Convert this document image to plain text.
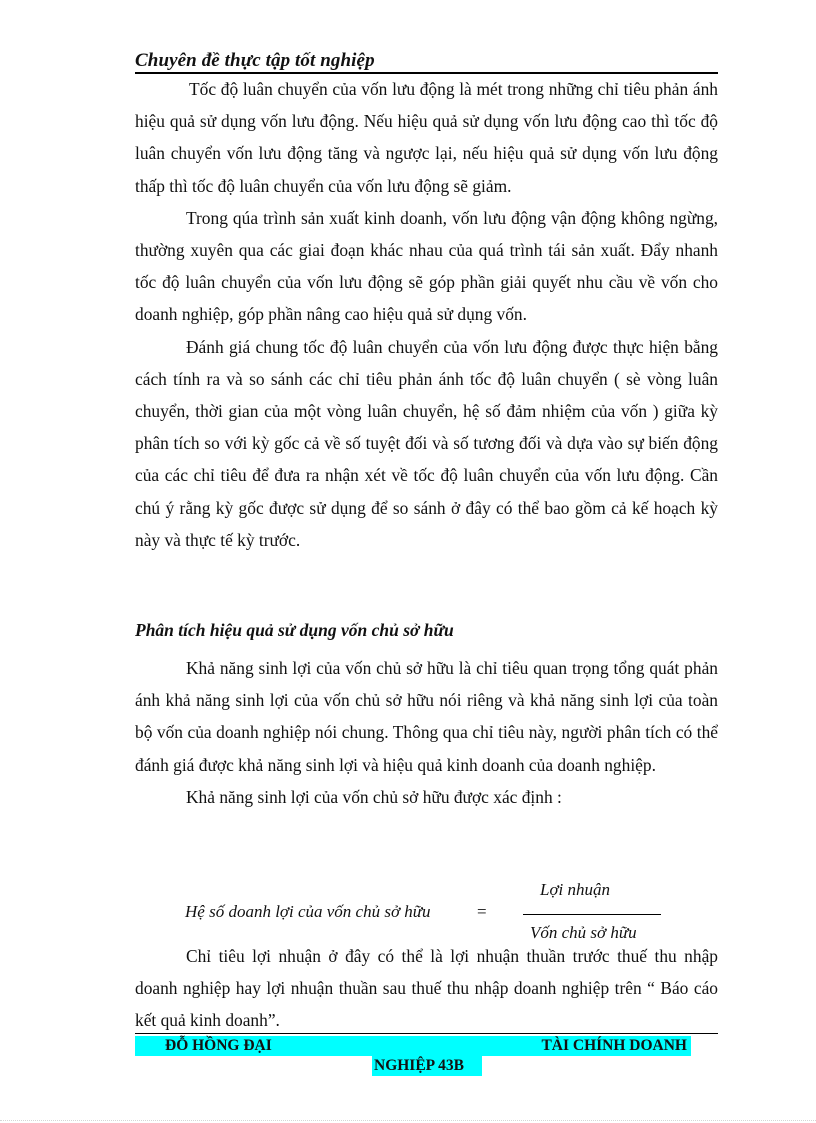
Chuyên đề thực tập tốt nghiệp

Tốc độ luân chuyển của vốn lưu động là mét trong những chỉ tiêu phản ánh hiệu quả sử dụng vốn lưu động. Nếu hiệu quả sử dụng vốn lưu động cao thì tốc độ luân chuyển vốn lưu động tăng và ngược lại, nếu hiệu quả sử dụng vốn lưu động thấp thì tốc độ luân chuyển của vốn lưu động sẽ giảm.

Trong qúa trình sản xuất kinh doanh, vốn lưu động vận động không ngừng, thường xuyên qua các giai đoạn khác nhau của quá trình tái sản xuất. Đẩy nhanh tốc độ luân chuyển của vốn lưu động sẽ góp phần giải quyết nhu cầu về vốn cho doanh nghiệp, góp phần nâng cao hiệu quả sử dụng vốn.

Đánh giá chung tốc độ luân chuyển của vốn lưu động được thực hiện bằng cách tính ra và so sánh các chỉ tiêu phản ánh tốc độ luân chuyển ( sè vòng luân chuyển, thời gian của một vòng luân chuyển, hệ số đảm nhiệm của vốn ) giữa kỳ phân tích so với kỳ gốc cả về số tuyệt đối và số tương đối và dựa vào sự biến động của các chỉ tiêu để đưa ra nhận xét về tốc độ luân chuyển của vốn lưu động. Cần chú ý rằng kỳ gốc được sử dụng để so sánh ở đây có thể bao gồm cả kế hoạch kỳ này và thực tế kỳ trước.

Phân tích hiệu quả sử dụng vốn chủ sở hữu

Khả năng sinh lợi của vốn chủ sở hữu là chỉ tiêu quan trọng tổng quát phản ánh khả năng sinh lợi của vốn chủ sở hữu nói riêng và khả năng sinh lợi của toàn bộ vốn của doanh nghiệp nói chung. Thông qua chỉ tiêu này, người phân tích có thể đánh giá được khả năng sinh lợi và hiệu quả kinh doanh của doanh nghiệp.

Khả năng sinh lợi của vốn chủ sở hữu được xác định :

Hệ số doanh lợi của vốn chủ sở hữu	=
Lợi nhuận
Vốn chủ sở hữu

Chỉ tiêu lợi nhuận ở đây có thể là lợi nhuận thuần trước thuế thu nhập doanh nghiệp hay lợi nhuận thuần sau thuế thu nhập doanh nghiệp trên “ Báo cáo kết quả kinh doanh”.

ĐỖ HỒNG ĐẠI	TÀI CHÍNH DOANH
NGHIỆP 43B
